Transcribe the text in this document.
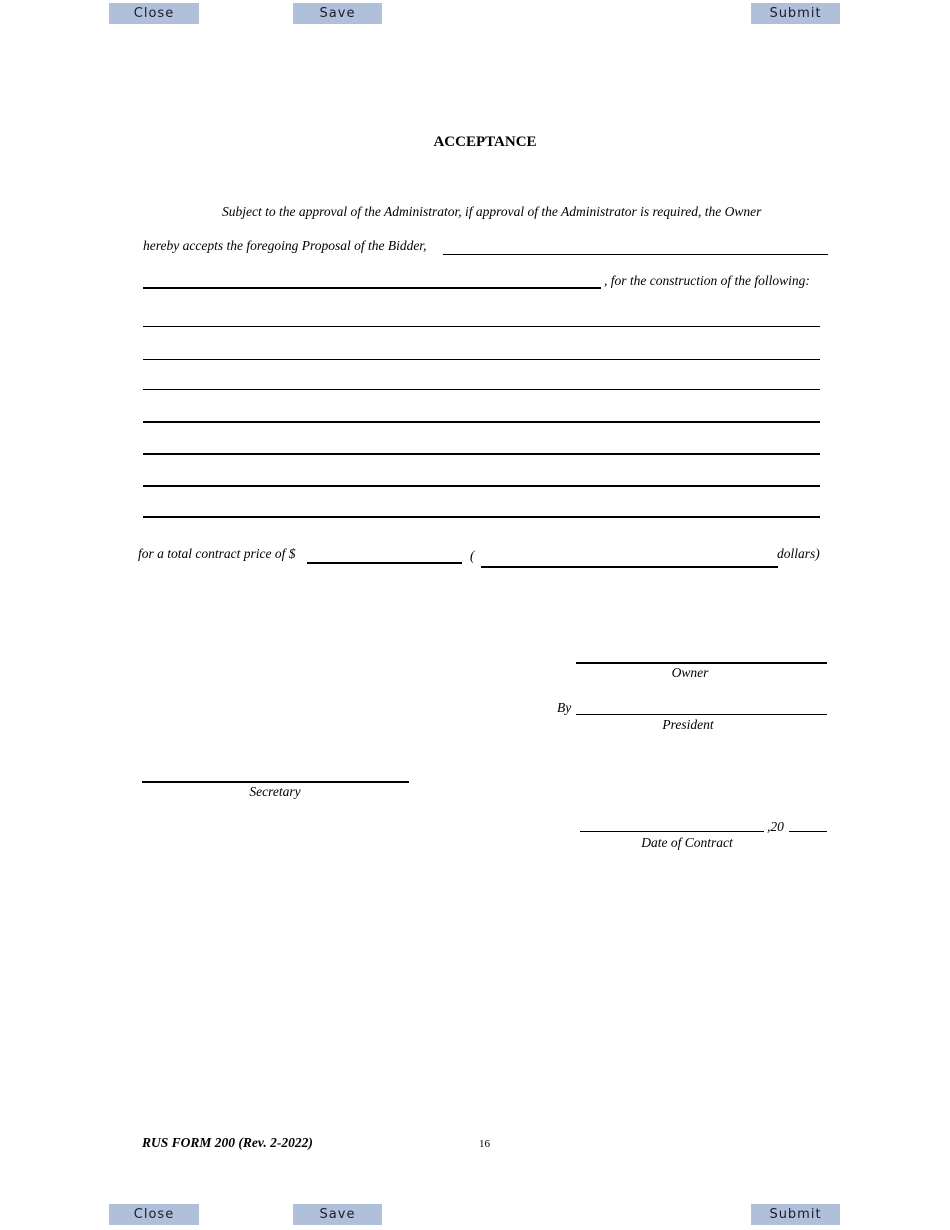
Close	Save	Submit
ACCEPTANCE
Subject to the approval of the Administrator, if approval of the Administrator is required, the Owner
hereby accepts the foregoing Proposal of the Bidder,
, for the construction of the following:
for a total contract price of $	(	dollars)
Owner
By
President
Secretary
,20
Date of Contract
RUS FORM 200 (Rev. 2-2022)	16
Close	Save	Submit
